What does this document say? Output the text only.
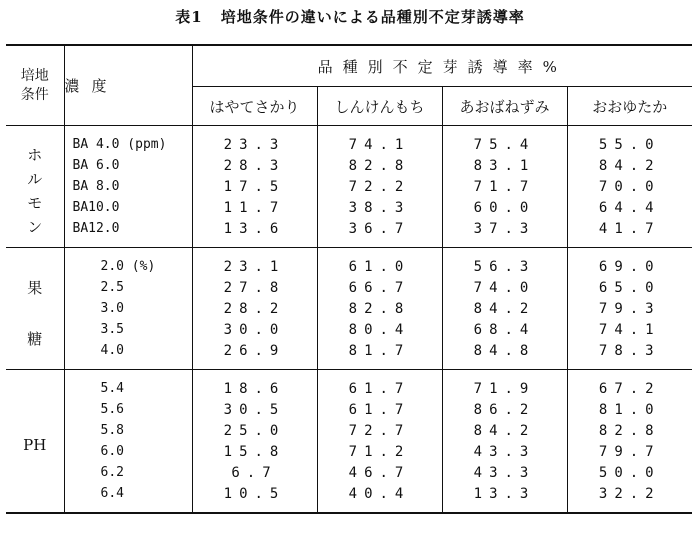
表1 培地条件の違いによる品種別不定芽誘導率
培地
条件	濃度	品種別不定芽誘導率%			
		はやてさかり	しんけんもち	あおばねずみ	おおゆたか

ホ
ル
モ
ン	BA 4.0 (ppm)	23.3	74.1	75.4	55.0
	BA 6.0	28.3	82.8	83.1	84.2
	BA 8.0	17.5	72.2	71.7	70.0
	BA10.0	11.7	38.3	60.0	64.4
	BA12.0	13.6	36.7	37.3	41.7

果
糖	2.0 (%)	23.1	61.0	56.3	69.0
	2.5	27.8	66.7	74.0	65.0
	3.0	28.2	82.8	84.2	79.3
	3.5	30.0	80.4	68.4	74.1
	4.0	26.9	81.7	84.8	78.3

PH	5.4	18.6	61.7	71.9	67.2
	5.6	30.5	61.7	86.2	81.0
	5.8	25.0	72.7	84.2	82.8
	6.0	15.8	71.2	43.3	79.7
	6.2	6.7	46.7	43.3	50.0
	6.4	10.5	40.4	13.3	32.2
